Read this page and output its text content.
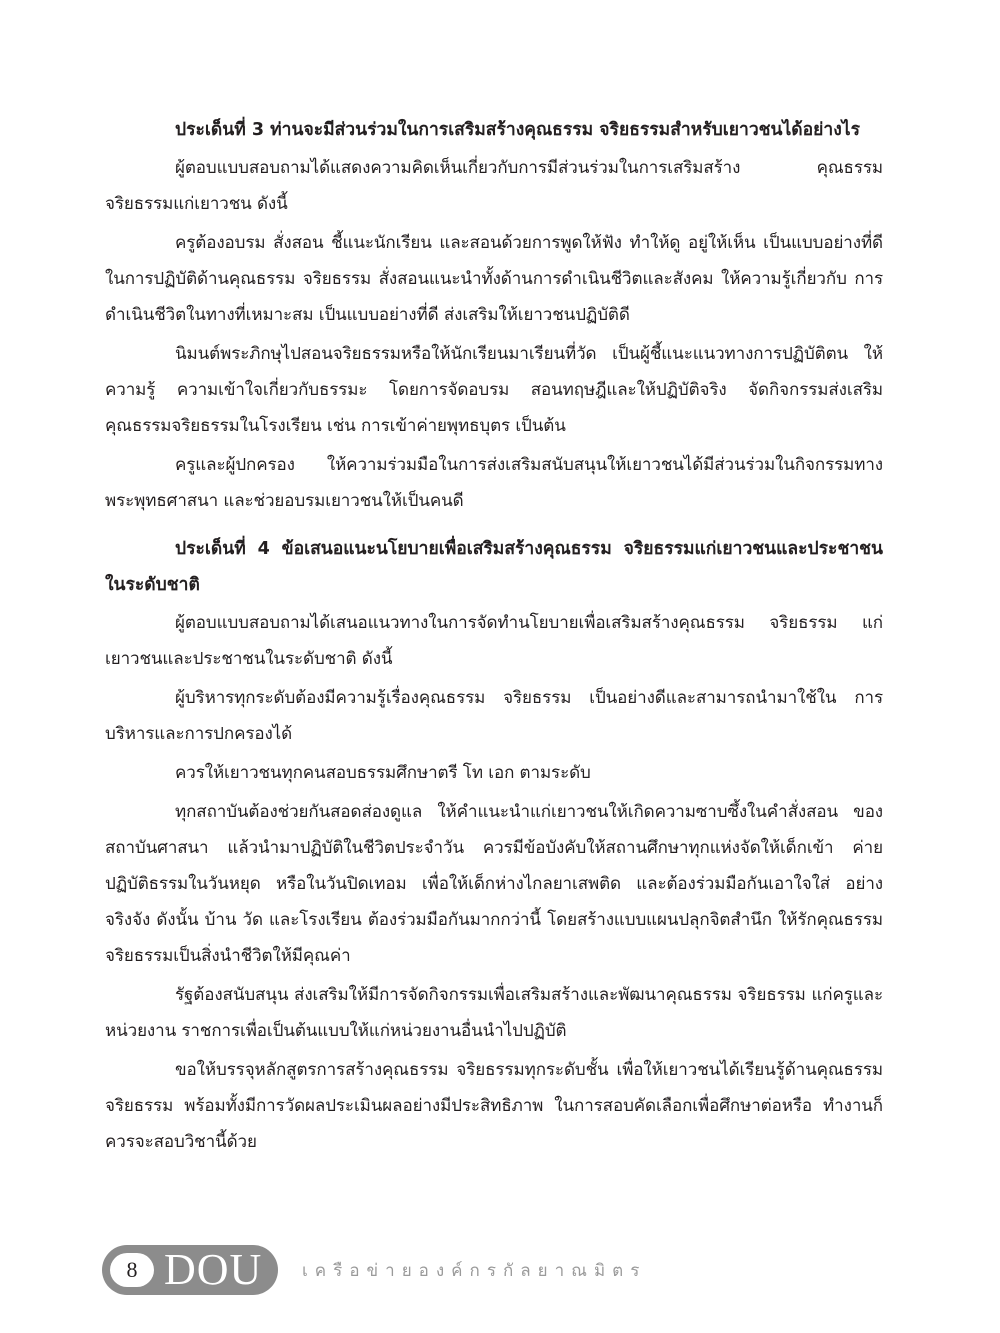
ประเด็นที่ 3 ท่านจะมีส่วนร่วมในการเสริมสร้างคุณธรรม จริยธรรมสำหรับเยาวชนได้อย่างไร

ผู้ตอบแบบสอบถามได้แสดงความคิดเห็นเกี่ยวกับการมีส่วนร่วมในการเสริมสร้าง คุณธรรม จริยธรรมแก่เยาวชน ดังนี้

ครูต้องอบรม สั่งสอน ชี้แนะนักเรียน และสอนด้วยการพูดให้ฟัง ทำให้ดู อยู่ให้เห็น เป็นแบบอย่างที่ดี ในการปฏิบัติด้านคุณธรรม จริยธรรม สั่งสอนแนะนำทั้งด้านการดำเนินชีวิตและสังคม ให้ความรู้เกี่ยวกับ การดำเนินชีวิตในทางที่เหมาะสม เป็นแบบอย่างที่ดี ส่งเสริมให้เยาวชนปฏิบัติดี

นิมนต์พระภิกษุไปสอนจริยธรรมหรือให้นักเรียนมาเรียนที่วัด เป็นผู้ชี้แนะแนวทางการปฏิบัติตน ให้ความรู้ ความเข้าใจเกี่ยวกับธรรมะ โดยการจัดอบรม สอนทฤษฎีและให้ปฏิบัติจริง จัดกิจกรรมส่งเสริม คุณธรรมจริยธรรมในโรงเรียน เช่น การเข้าค่ายพุทธบุตร เป็นต้น

ครูและผู้ปกครอง ให้ความร่วมมือในการส่งเสริมสนับสนุนให้เยาวชนได้มีส่วนร่วมในกิจกรรมทาง พระพุทธศาสนา และช่วยอบรมเยาวชนให้เป็นคนดี

ประเด็นที่ 4 ข้อเสนอแนะนโยบายเพื่อเสริมสร้างคุณธรรม จริยธรรมแก่เยาวชนและประชาชนในระดับชาติ

ผู้ตอบแบบสอบถามได้เสนอแนวทางในการจัดทำนโยบายเพื่อเสริมสร้างคุณธรรม จริยธรรม แก่เยาวชนและประชาชนในระดับชาติ ดังนี้

ผู้บริหารทุกระดับต้องมีความรู้เรื่องคุณธรรม จริยธรรม เป็นอย่างดีและสามารถนำมาใช้ใน การบริหารและการปกครองได้

ควรให้เยาวชนทุกคนสอบธรรมศึกษาตรี โท เอก ตามระดับ

ทุกสถาบันต้องช่วยกันสอดส่องดูแล ให้คำแนะนำแก่เยาวชนให้เกิดความซาบซึ้งในคำสั่งสอน ของสถาบันศาสนา แล้วนำมาปฏิบัติในชีวิตประจำวัน ควรมีข้อบังคับให้สถานศึกษาทุกแห่งจัดให้เด็กเข้า ค่ายปฏิบัติธรรมในวันหยุด หรือในวันปิดเทอม เพื่อให้เด็กห่างไกลยาเสพติด และต้องร่วมมือกันเอาใจใส่ อย่างจริงจัง ดังนั้น บ้าน วัด และโรงเรียน ต้องร่วมมือกันมากกว่านี้ โดยสร้างแบบแผนปลุกจิตสำนึก ให้รักคุณธรรม จริยธรรมเป็นสิ่งนำชีวิตให้มีคุณค่า

รัฐต้องสนับสนุน ส่งเสริมให้มีการจัดกิจกรรมเพื่อเสริมสร้างและพัฒนาคุณธรรม จริยธรรม แก่ครูและหน่วยงาน ราชการเพื่อเป็นต้นแบบให้แก่หน่วยงานอื่นนำไปปฏิบัติ

ขอให้บรรจุหลักสูตรการสร้างคุณธรรม จริยธรรมทุกระดับชั้น เพื่อให้เยาวชนได้เรียนรู้ด้านคุณธรรม จริยธรรม พร้อมทั้งมีการวัดผลประเมินผลอย่างมีประสิทธิภาพ ในการสอบคัดเลือกเพื่อศึกษาต่อหรือ ทำงานก็ควรจะสอบวิชานี้ด้วย

8 DOU เครือข่ายองค์กรกัลยาณมิตร
